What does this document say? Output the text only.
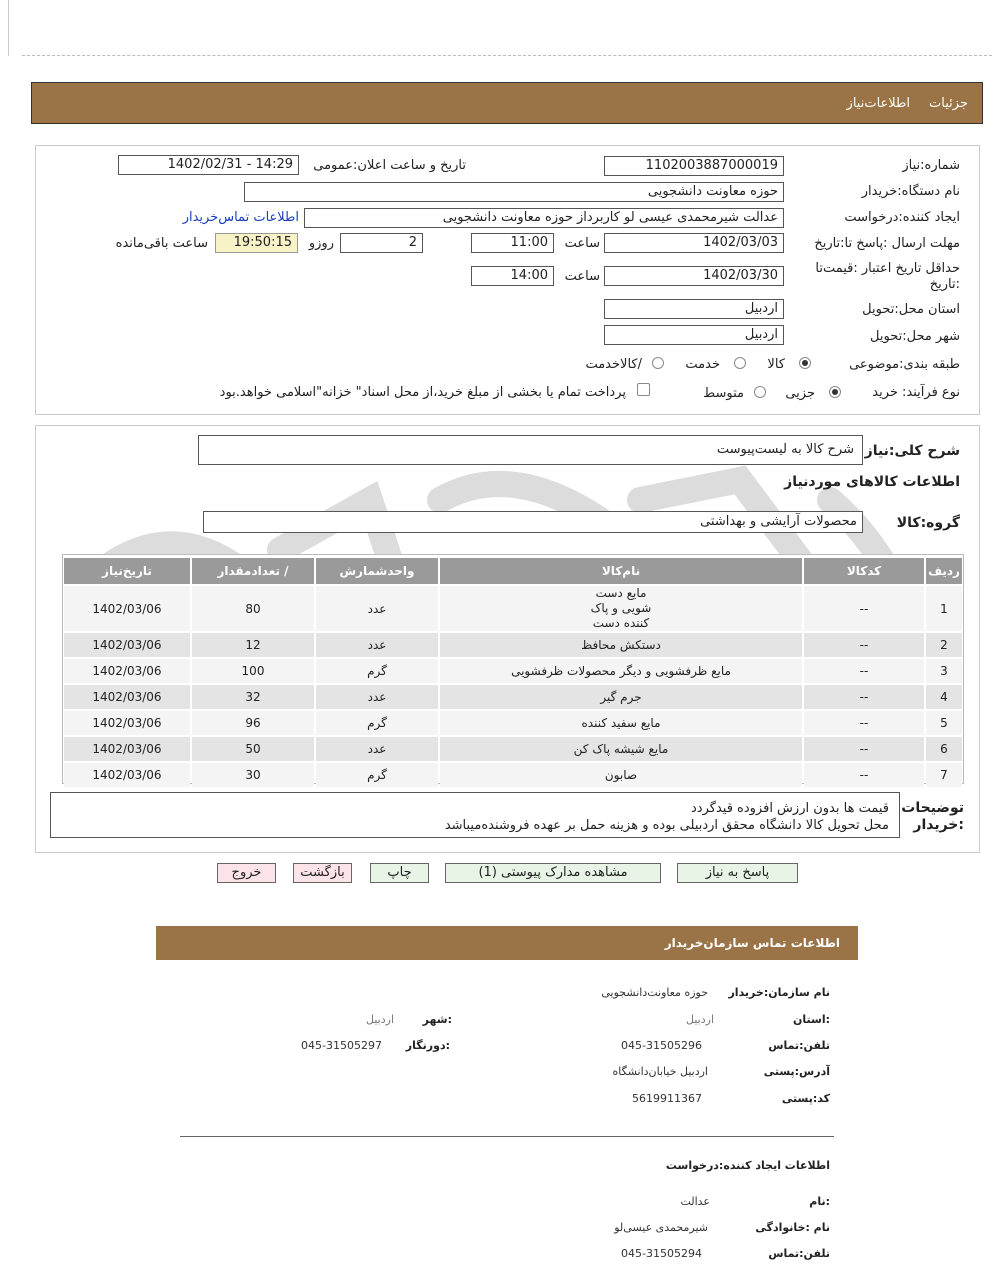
جزئیات
اطلاعات‌نیاز
شماره:نیاز
1102003887000019
تاریخ و ساعت اعلان:عمومی
1402/02/31 - 14:29
نام دستگاه:خریدار
حوزه معاونت دانشجویی
ایجاد کننده:درخواست
عدالت شیرمحمدی عیسی لو کاربرداز حوزه معاونت دانشجویی
اطلاعات تماس‌خریدار
مهلت ارسال :پاسخ تا:تاریخ
1402/03/03
ساعت
11:00
2
روزو
19:50:15
ساعت باقی‌مانده
حداقل تاریخ اعتبار :قیمت‌تا
:تاریخ
1402/03/30
ساعت
14:00
استان محل:تحویل
اردبیل
شهر محل:تحویل
اردبیل
طبقه بندی:موضوعی
کالا
خدمت
/کالاخدمت
نوع فرآیند: خرید
جزیی
متوسط
پرداخت تمام یا بخشی از مبلغ خرید،از محل اسناد" خزانه"اسلامی خواهد.بود
شرح کلی:نیاز
شرح کالا به لیست‌پیوست
اطلاعات کالاهای موردنیاز
گروه:کالا
محصولات آرایشی و بهداشتی
ردیف	کدکالا	نام‌کالا	واحدشمارش	/ تعدادمقدار	تاریخ‌نیاز
1	--	مایع دست شویی و پاک کننده دست	عدد	80	1402/03/06
2	--	دستکش محافظ	عدد	12	1402/03/06
3	--	مایع ظرفشویی و دیگر محصولات ظرفشویی	گرم	100	1402/03/06
4	--	جرم گیر	عدد	32	1402/03/06
5	--	مایع سفید کننده	گرم	96	1402/03/06
6	--	مایع شیشه پاک کن	عدد	50	1402/03/06
7	--	صابون	گرم	30	1402/03/06
توضیحات
:خریدار
قیمت ها بدون ارزش افزوده قیدگردد
محل تحویل کالا دانشگاه محقق اردبیلی بوده و هزینه حمل بر عهده فروشنده‌میباشد
پاسخ به نیاز
مشاهده مدارک پیوستی (1)
چاپ
بازگشت
خروج
اطلاعات تماس سازمان‌خریدار
نام سازمان:خریدار
حوزه معاونت‌دانشجویی
:استان
اردبیل
:شهر
اردبیل
تلفن:تماس
045-31505296
:دورنگار
045-31505297
آدرس:پستی
اردبیل خیابان‌دانشگاه
کد:پستی
5619911367
اطلاعات ایجاد کننده:درخواست
:نام
عدالت
نام :خانوادگی
شیرمحمدی عیسی‌لو
تلفن:تماس
045-31505294
